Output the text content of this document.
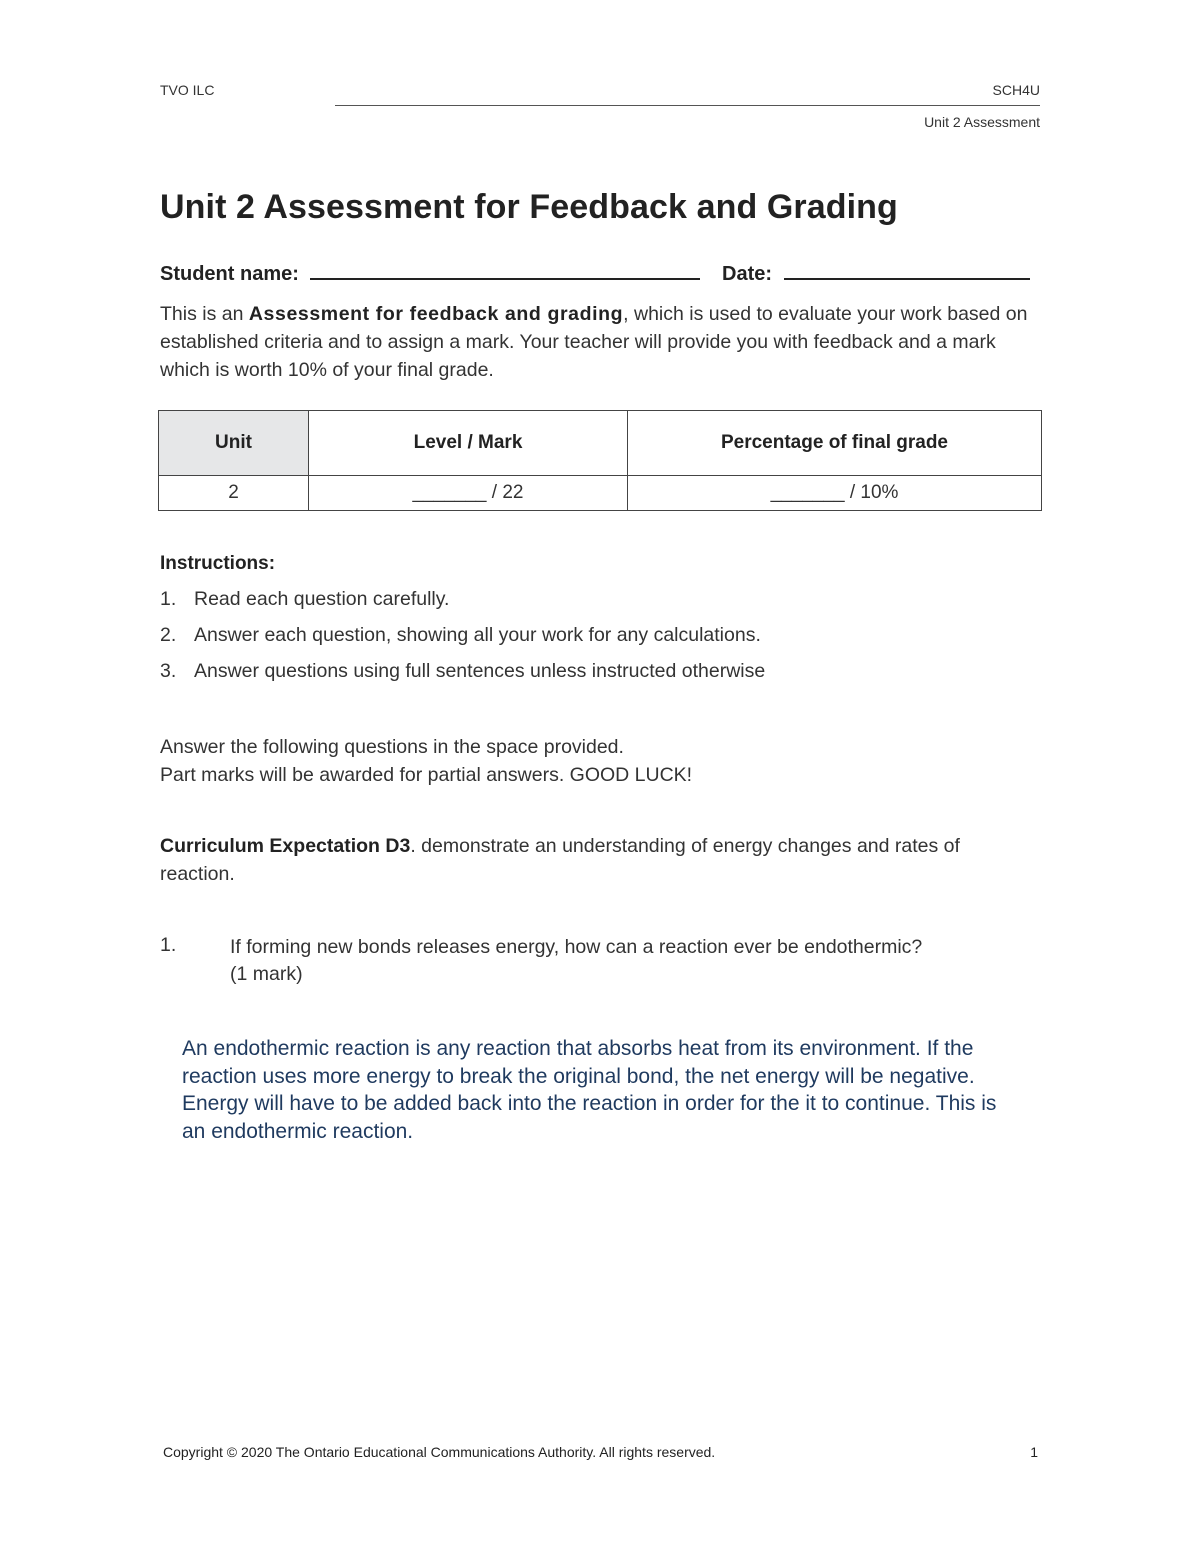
TVO ILC	SCH4U
Unit 2 Assessment
Unit 2 Assessment for Feedback and Grading
Student name:	Date:
This is an Assessment for feedback and grading, which is used to evaluate your work based on established criteria and to assign a mark. Your teacher will provide you with feedback and a mark which is worth 10% of your final grade.
Unit	Level / Mark	Percentage of final grade
2	_______ / 22	_______ / 10%
Instructions:
1. Read each question carefully.
2. Answer each question, showing all your work for any calculations.
3. Answer questions using full sentences unless instructed otherwise
Answer the following questions in the space provided.
Part marks will be awarded for partial answers. GOOD LUCK!
Curriculum Expectation D3. demonstrate an understanding of energy changes and rates of reaction.
1.	If forming new bonds releases energy, how can a reaction ever be endothermic?
(1 mark)
An endothermic reaction is any reaction that absorbs heat from its environment. If the reaction uses more energy to break the original bond, the net energy will be negative. Energy will have to be added back into the reaction in order for the it to continue. This is an endothermic reaction.
Copyright © 2020 The Ontario Educational Communications Authority. All rights reserved.	1
